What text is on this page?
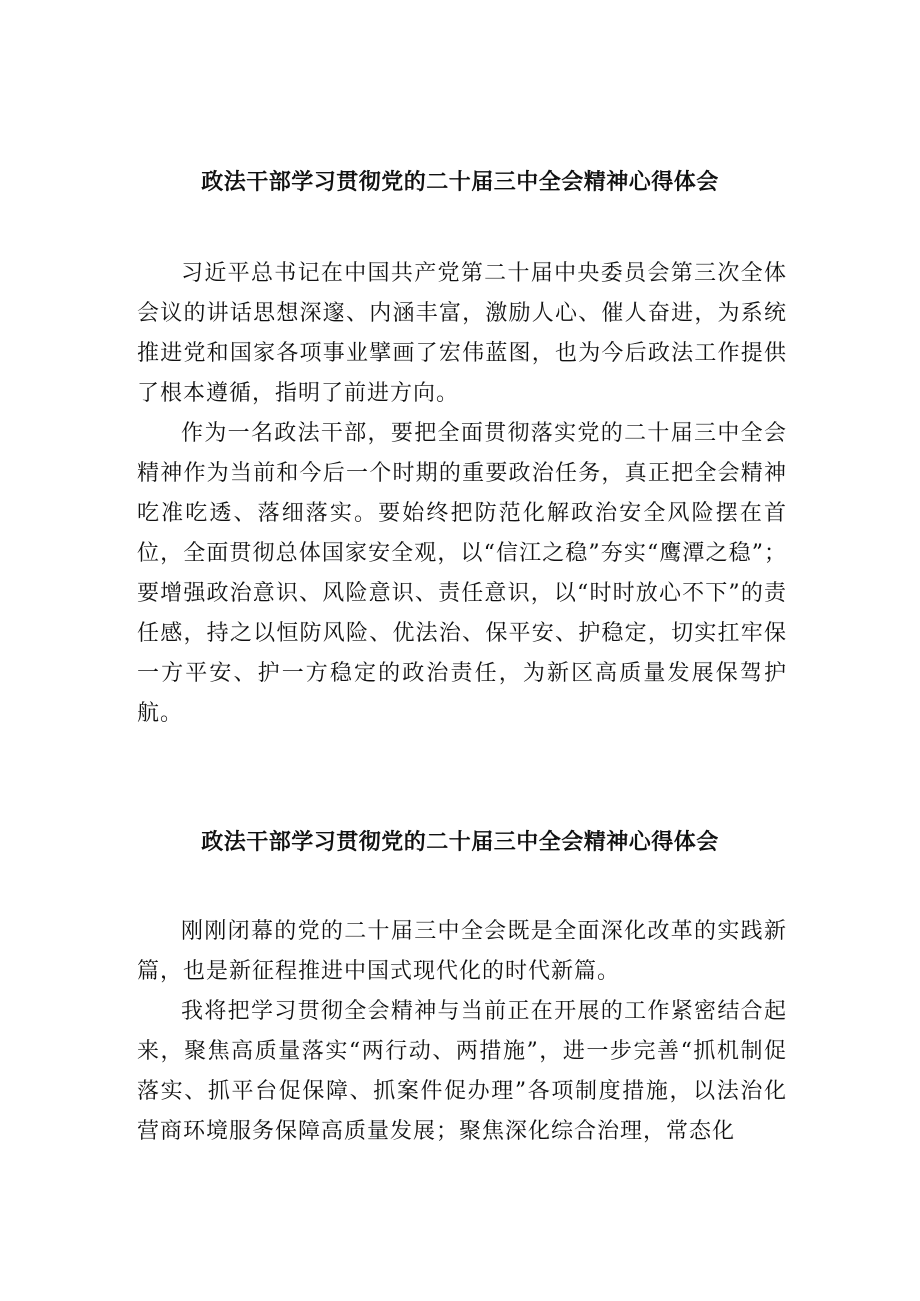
政法干部学习贯彻党的二十届三中全会精神心得体会

习近平总书记在中国共产党第二十届中央委员会第三次全体会议的讲话思想深邃、内涵丰富，激励人心、催人奋进，为系统推进党和国家各项事业擘画了宏伟蓝图，也为今后政法工作提供了根本遵循，指明了前进方向。

作为一名政法干部，要把全面贯彻落实党的二十届三中全会精神作为当前和今后一个时期的重要政治任务，真正把全会精神吃准吃透、落细落实。要始终把防范化解政治安全风险摆在首位，全面贯彻总体国家安全观，以“信江之稳”夯实“鹰潭之稳”；要增强政治意识、风险意识、责任意识，以“时时放心不下”的责任感，持之以恒防风险、优法治、保平安、护稳定，切实扛牢保一方平安、护一方稳定的政治责任，为新区高质量发展保驾护航。

政法干部学习贯彻党的二十届三中全会精神心得体会

刚刚闭幕的党的二十届三中全会既是全面深化改革的实践新篇，也是新征程推进中国式现代化的时代新篇。

我将把学习贯彻全会精神与当前正在开展的工作紧密结合起来，聚焦高质量落实“两行动、两措施”，进一步完善“抓机制促落实、抓平台促保障、抓案件促办理”各项制度措施，以法治化营商环境服务保障高质量发展；聚焦深化综合治理，常态化
